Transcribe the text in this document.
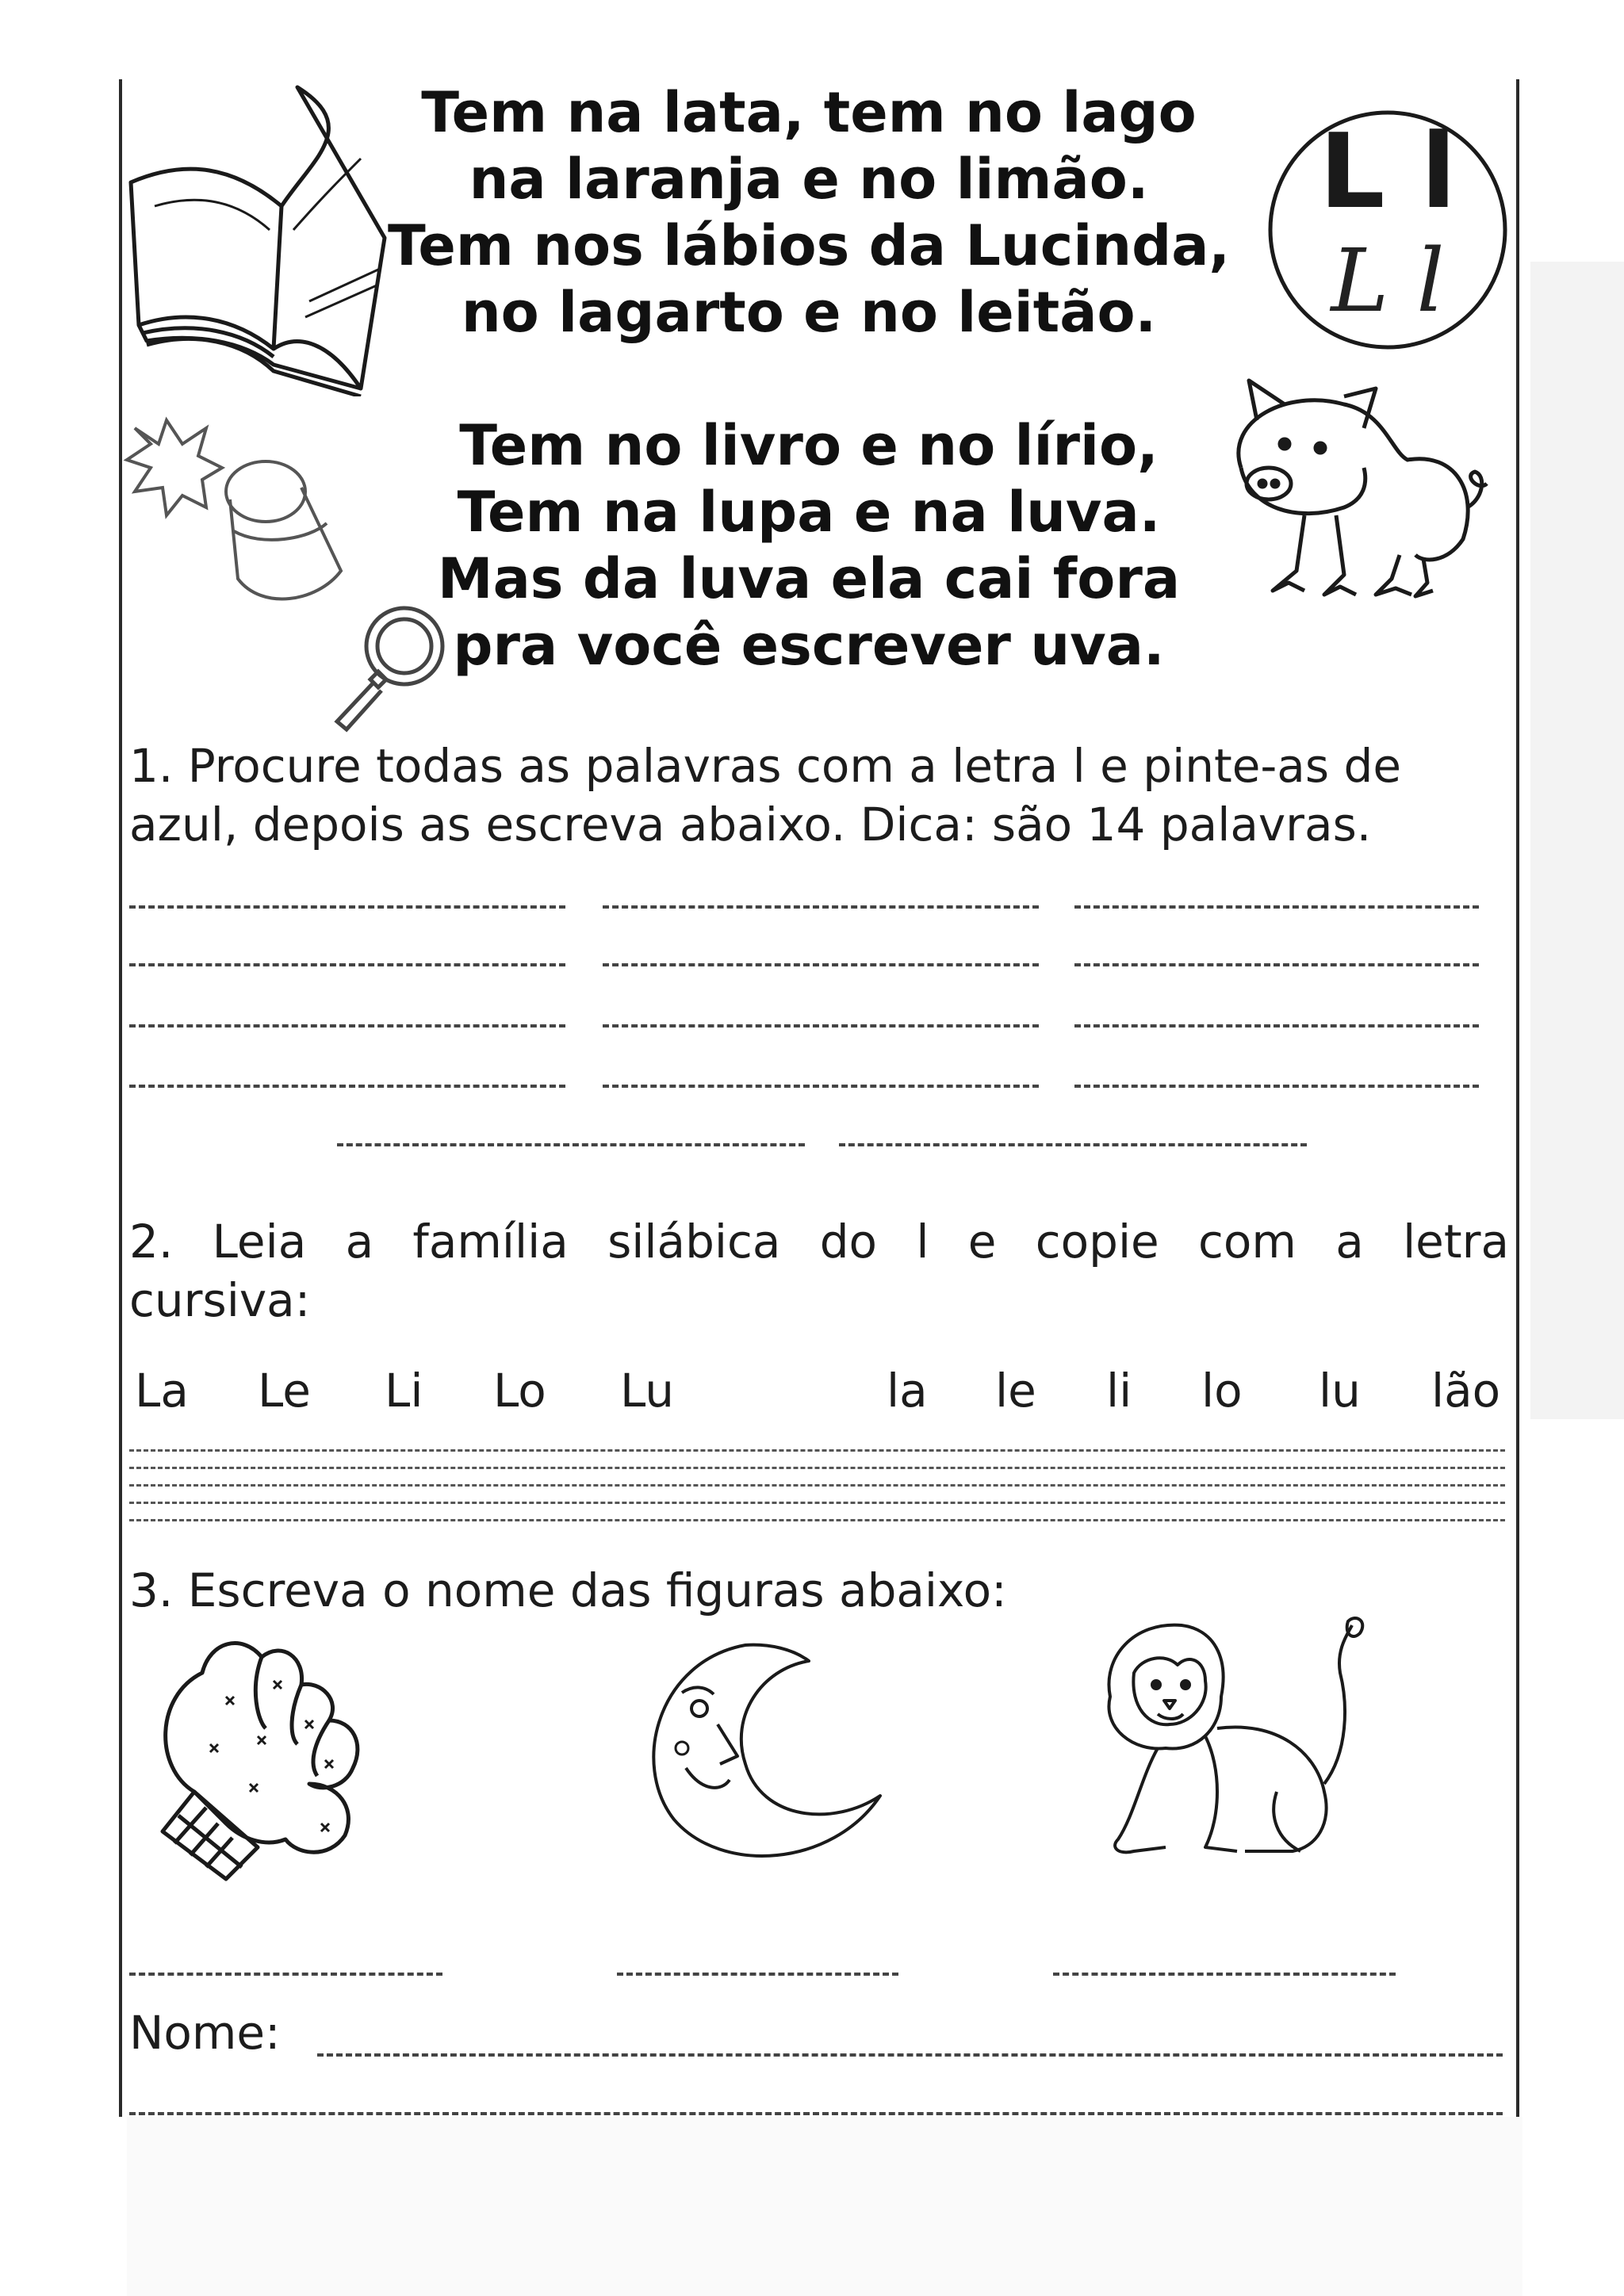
Tem na lata, tem no lago
na laranja e no limão.
Tem nos lábios da Lucinda,
no lagarto e no leitão.
L l
L l
Tem no livro e no lírio,
Tem na lupa e na luva.
Mas da luva ela cai fora
pra você escrever uva.
1. Procure todas as palavras com a letra l e pinte-as de
azul, depois as escreva abaixo. Dica: são 14 palavras.
2. Leia a família silábica do l e copie com a letra
cursiva:
La Le Li Lo Lu	la le li lo lu lão
3. Escreva o nome das figuras abaixo:
Nome:
